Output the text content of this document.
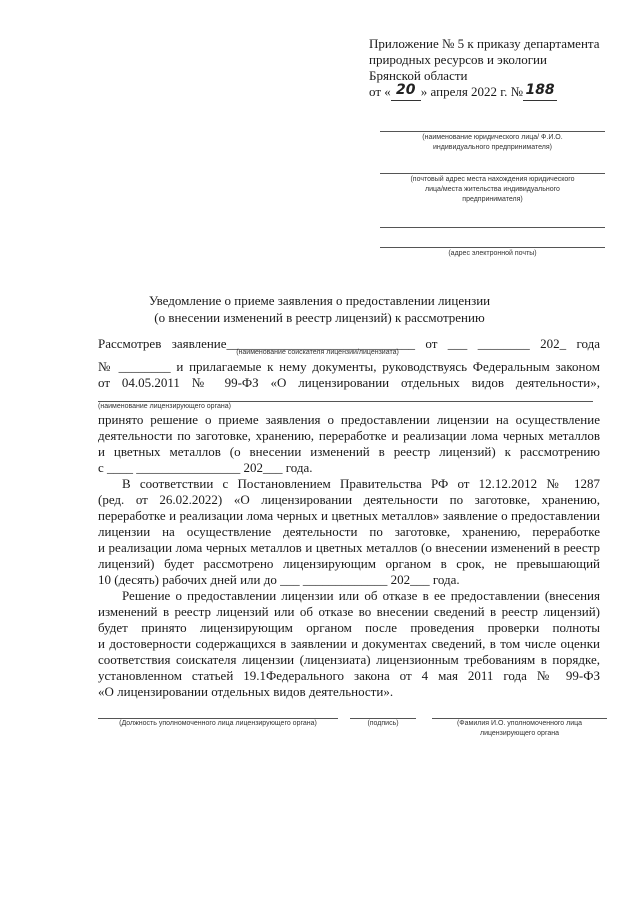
Приложение № 5 к приказу департамента
природных ресурсов и экологии
Брянской области
от « 20 » апреля 2022 г. № 188
(наименование юридического лица/ Ф.И.О.
индивидуального предпринимателя)
(почтовый адрес места нахождения юридического
лица/места жительства индивидуального
предпринимателя)
(адрес электронной почты)
Уведомление о приеме заявления о предоставлении лицензии
(о внесении изменений в реестр лицензий) к рассмотрению
Рассмотрев заявление_____________________________ от ___ ________ 202_ года
(наименование соискателя лицензии/лицензиата)
№ ________ и прилагаемые к нему документы, руководствуясь Федеральным законом
от 04.05.2011 № 99-ФЗ «О лицензировании отдельных видов деятельности»,
(наименование лицензирующего органа)
принято решение о приеме заявления о предоставлении лицензии на осуществление
деятельности по заготовке, хранению, переработке и реализации лома черных металлов
и цветных металлов (о внесении изменений в реестр лицензий) к рассмотрению
с ____ ________________ 202___ года.
В соответствии с Постановлением Правительства РФ от 12.12.2012 № 1287
(ред. от 26.02.2022) «О лицензировании деятельности по заготовке, хранению,
переработке и реализации лома черных и цветных металлов» заявление о предоставлении
лицензии на осуществление деятельности по заготовке, хранению, переработке
и реализации лома черных металлов и цветных металлов (о внесении изменений в реестр
лицензий) будет рассмотрено лицензирующим органом в срок, не превышающий
10 (десять) рабочих дней или до ___ _____________ 202___ года.
Решение о предоставлении лицензии или об отказе в ее предоставлении (внесения
изменений в реестр лицензий или об отказе во внесении сведений в реестр лицензий)
будет принято лицензирующим органом после проведения проверки полноты
и достоверности содержащихся в заявлении и документах сведений, в том числе оценки
соответствия соискателя лицензии (лицензиата) лицензионным требованиям в порядке,
установленном статьей 19.1Федерального закона от 4 мая 2011 года № 99-ФЗ
«О лицензировании отдельных видов деятельности».
(Должность уполномоченного лица лицензирующего органа)	(подпись)	(Фамилия И.О. уполномоченного лица
лицензирующего органа
